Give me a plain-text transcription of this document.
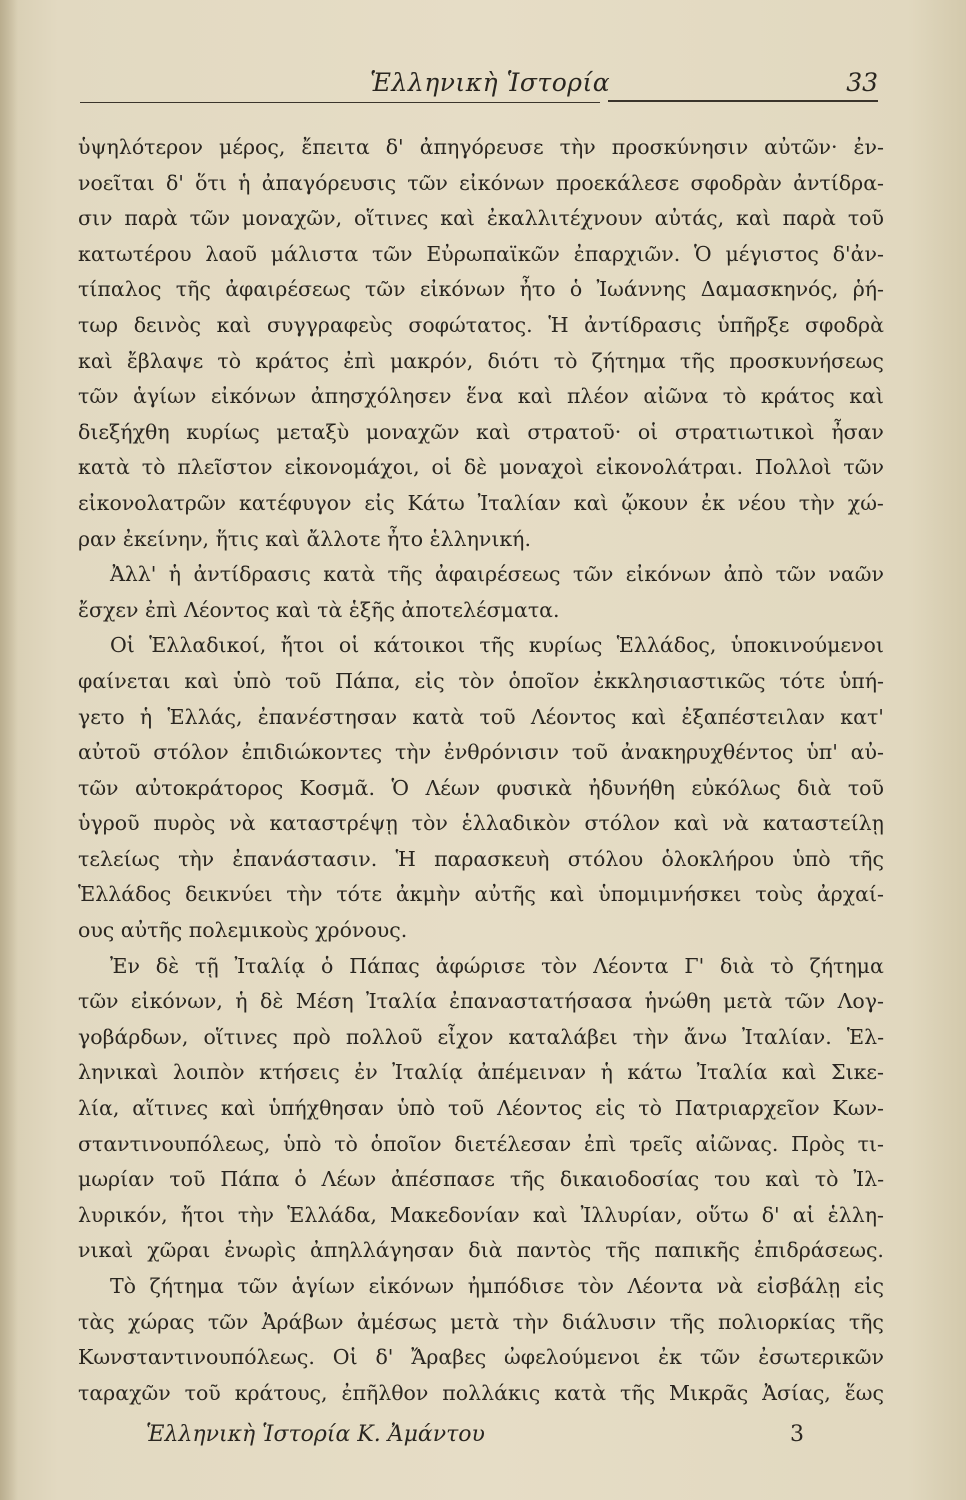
Ἑλληνικὴ Ἱστορία	33
ὑψηλότερον μέρος, ἔπειτα δ' ἀπηγόρευσε τὴν προσκύνησιν αὐτῶν· ἐν-
νοεῖται δ' ὅτι ἡ ἀπαγόρευσις τῶν εἰκόνων προεκάλεσε σφοδρὰν ἀντίδρα-
σιν παρὰ τῶν μοναχῶν, οἵτινες καὶ ἐκαλλιτέχνουν αὐτάς, καὶ παρὰ τοῦ
κατωτέρου λαοῦ μάλιστα τῶν Εὐρωπαϊκῶν ἐπαρχιῶν. Ὁ μέγιστος δ'ἀν-
τίπαλος τῆς ἀφαιρέσεως τῶν εἰκόνων ἦτο ὁ Ἰωάννης Δαμασκηνός, ῥή-
τωρ δεινὸς καὶ συγγραφεὺς σοφώτατος. Ἡ ἀντίδρασις ὑπῆρξε σφοδρὰ
καὶ ἔβλαψε τὸ κράτος ἐπὶ μακρόν, διότι τὸ ζήτημα τῆς προσκυνήσεως
τῶν ἁγίων εἰκόνων ἀπησχόλησεν ἕνα καὶ πλέον αἰῶνα τὸ κράτος καὶ
διεξήχθη κυρίως μεταξὺ μοναχῶν καὶ στρατοῦ· οἱ στρατιωτικοὶ ἦσαν
κατὰ τὸ πλεῖστον εἰκονομάχοι, οἱ δὲ μοναχοὶ εἰκονολάτραι. Πολλοὶ τῶν
εἰκονολατρῶν κατέφυγον εἰς Κάτω Ἰταλίαν καὶ ᾤκουν ἐκ νέου τὴν χώ-
ραν ἐκείνην, ἥτις καὶ ἄλλοτε ἦτο ἑλληνική.
Ἀλλ' ἡ ἀντίδρασις κατὰ τῆς ἀφαιρέσεως τῶν εἰκόνων ἀπὸ τῶν ναῶν
ἔσχεν ἐπὶ Λέοντος καὶ τὰ ἑξῆς ἀποτελέσματα.
Οἱ Ἑλλαδικοί, ἤτοι οἱ κάτοικοι τῆς κυρίως Ἑλλάδος, ὑποκινούμενοι
φαίνεται καὶ ὑπὸ τοῦ Πάπα, εἰς τὸν ὁποῖον ἐκκλησιαστικῶς τότε ὑπή-
γετο ἡ Ἑλλάς, ἐπανέστησαν κατὰ τοῦ Λέοντος καὶ ἐξαπέστειλαν κατ'
αὐτοῦ στόλον ἐπιδιώκοντες τὴν ἐνθρόνισιν τοῦ ἀνακηρυχθέντος ὑπ' αὐ-
τῶν αὐτοκράτορος Κοσμᾶ. Ὁ Λέων φυσικὰ ἠδυνήθη εὐκόλως διὰ τοῦ
ὑγροῦ πυρὸς νὰ καταστρέψῃ τὸν ἑλλαδικὸν στόλον καὶ νὰ καταστείλῃ
τελείως τὴν ἐπανάστασιν. Ἡ παρασκευὴ στόλου ὁλοκλήρου ὑπὸ τῆς
Ἑλλάδος δεικνύει τὴν τότε ἀκμὴν αὐτῆς καὶ ὑπομιμνήσκει τοὺς ἀρχαί-
ους αὐτῆς πολεμικοὺς χρόνους.
Ἐν δὲ τῇ Ἰταλίᾳ ὁ Πάπας ἀφώρισε τὸν Λέοντα Γ' διὰ τὸ ζήτημα
τῶν εἰκόνων, ἡ δὲ Μέση Ἰταλία ἐπαναστατήσασα ἡνώθη μετὰ τῶν Λογ-
γοβάρδων, οἵτινες πρὸ πολλοῦ εἶχον καταλάβει τὴν ἄνω Ἰταλίαν. Ἑλ-
ληνικαὶ λοιπὸν κτήσεις ἐν Ἰταλίᾳ ἀπέμειναν ἡ κάτω Ἰταλία καὶ Σικε-
λία, αἵτινες καὶ ὑπήχθησαν ὑπὸ τοῦ Λέοντος εἰς τὸ Πατριαρχεῖον Κων-
σταντινουπόλεως, ὑπὸ τὸ ὁποῖον διετέλεσαν ἐπὶ τρεῖς αἰῶνας. Πρὸς τι-
μωρίαν τοῦ Πάπα ὁ Λέων ἀπέσπασε τῆς δικαιοδοσίας του καὶ τὸ Ἰλ-
λυρικόν, ἤτοι τὴν Ἑλλάδα, Μακεδονίαν καὶ Ἰλλυρίαν, οὕτω δ' αἱ ἑλλη-
νικαὶ χῶραι ἐνωρὶς ἀπηλλάγησαν διὰ παντὸς τῆς παπικῆς ἐπιδράσεως.
Τὸ ζήτημα τῶν ἁγίων εἰκόνων ἠμπόδισε τὸν Λέοντα νὰ εἰσβάλῃ εἰς
τὰς χώρας τῶν Ἀράβων ἀμέσως μετὰ τὴν διάλυσιν τῆς πολιορκίας τῆς
Κωνσταντινουπόλεως. Οἱ δ' Ἄραβες ὠφελούμενοι ἐκ τῶν ἐσωτερικῶν
ταραχῶν τοῦ κράτους, ἐπῆλθον πολλάκις κατὰ τῆς Μικρᾶς Ἀσίας, ἕως
Ἑλληνικὴ Ἱστορία Κ. Ἀμάντου	3
